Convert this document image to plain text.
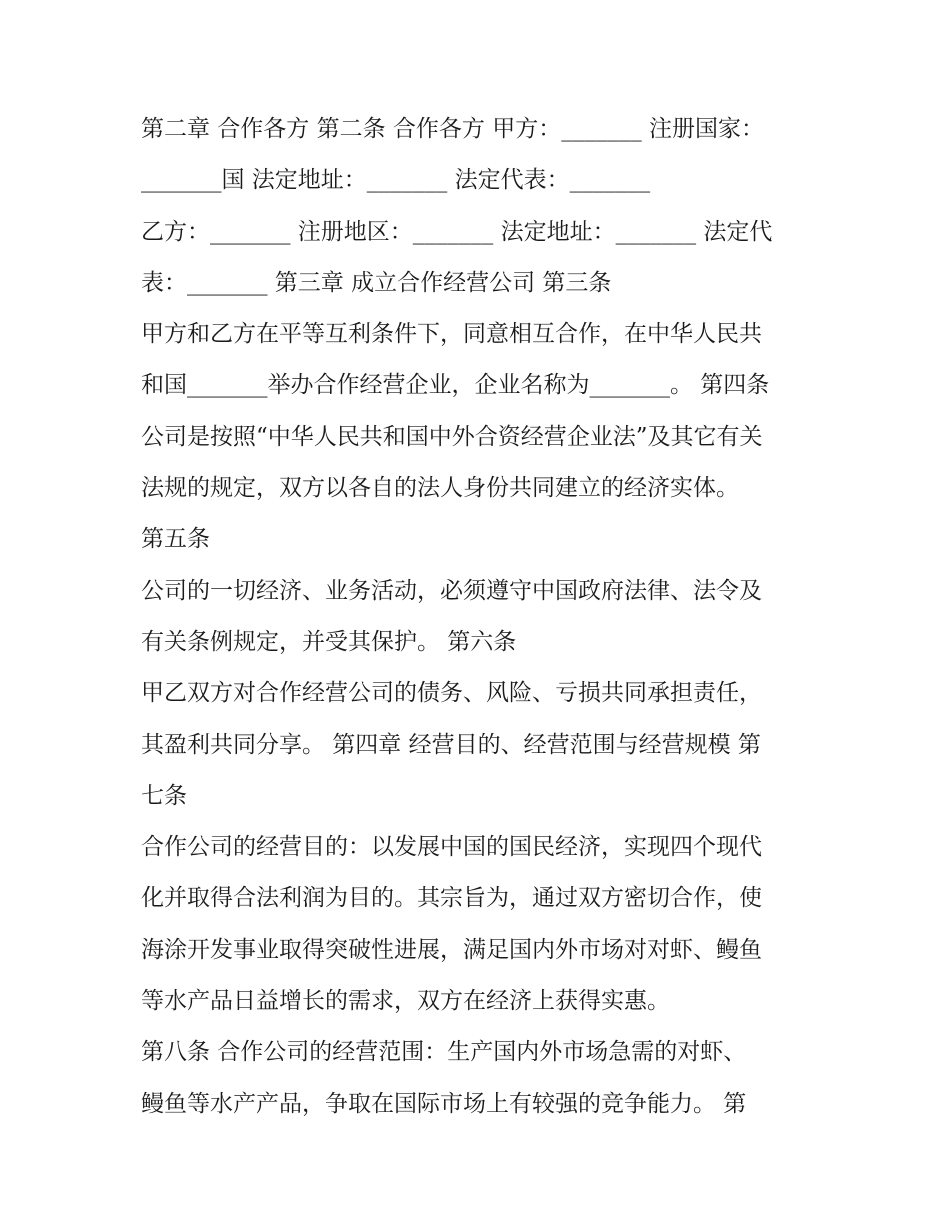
第二章 合作各方 第二条 合作各方 甲方：_______ 注册国家：
_______国 法定地址：_______ 法定代表：_______
乙方：_______ 注册地区：_______ 法定地址：_______ 法定代
表：_______ 第三章 成立合作经营公司 第三条
甲方和乙方在平等互利条件下，同意相互合作，在中华人民共
和国_______举办合作经营企业，企业名称为_______。 第四条
公司是按照“中华人民共和国中外合资经营企业法”及其它有关
法规的规定，双方以各自的法人身份共同建立的经济实体。
第五条
公司的一切经济、业务活动，必须遵守中国政府法律、法令及
有关条例规定，并受其保护。 第六条
甲乙双方对合作经营公司的债务、风险、亏损共同承担责任，
其盈利共同分享。 第四章 经营目的、经营范围与经营规模 第
七条
合作公司的经营目的：以发展中国的国民经济，实现四个现代
化并取得合法利润为目的。其宗旨为，通过双方密切合作，使
海涂开发事业取得突破性进展，满足国内外市场对对虾、鳗鱼
等水产品日益增长的需求，双方在经济上获得实惠。
第八条 合作公司的经营范围：生产国内外市场急需的对虾、
鳗鱼等水产产品，争取在国际市场上有较强的竞争能力。 第
